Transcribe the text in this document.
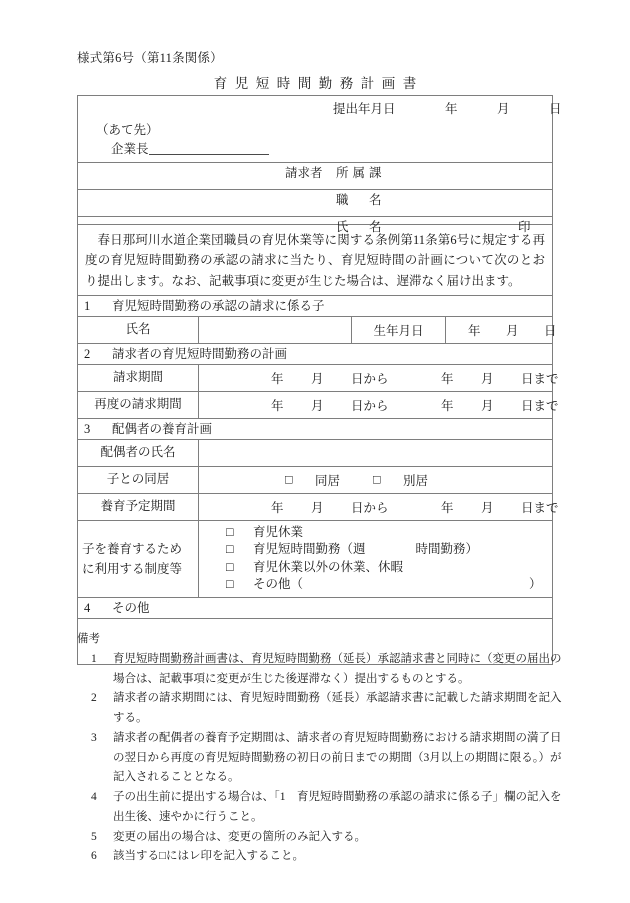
様式第6号（第11条関係）
育児短時間勤務計画書
提出年月日	年	月	日
（あて先）
企業長
請求者 所属課
職　名
氏　名	印
春日那珂川水道企業団職員の育児休業等に関する条例第11条第6号に規定する再度の育児短時間勤務の承認の請求に当たり、育児短時間の計画について次のとおり提出します。なお、記載事項に変更が生じた場合は、遅滞なく届け出ます。
1 育児短時間勤務の承認の請求に係る子
氏名	生年月日	年 月 日
2 請求者の育児短時間勤務の計画
請求期間	年 月 日から	年 月 日まで
再度の請求期間	年 月 日から	年 月 日まで
3 配偶者の養育計画
配偶者の氏名
子との同居	□ 同居	□ 別居
養育予定期間	年 月 日から	年 月 日まで
子を養育するため
に利用する制度等
□ 育児休業
□ 育児短時間勤務（週　　　　時間勤務）
□ 育児休業以外の休業、休暇
□ その他（	）
4 その他
備考
1 育児短時間勤務計画書は、育児短時間勤務（延長）承認請求書と同時に（変更の届出の場合は、記載事項に変更が生じた後遅滞なく）提出するものとする。
2 請求者の請求期間には、育児短時間勤務（延長）承認請求書に記載した請求期間を記入する。
3 請求者の配偶者の養育予定期間は、請求者の育児短時間勤務における請求期間の満了日の翌日から再度の育児短時間勤務の初日の前日までの期間（3月以上の期間に限る。）が記入されることとなる。
4 子の出生前に提出する場合は、「1　育児短時間勤務の承認の請求に係る子」欄の記入を出生後、速やかに行うこと。
5 変更の届出の場合は、変更の箇所のみ記入する。
6 該当する□にはレ印を記入すること。
